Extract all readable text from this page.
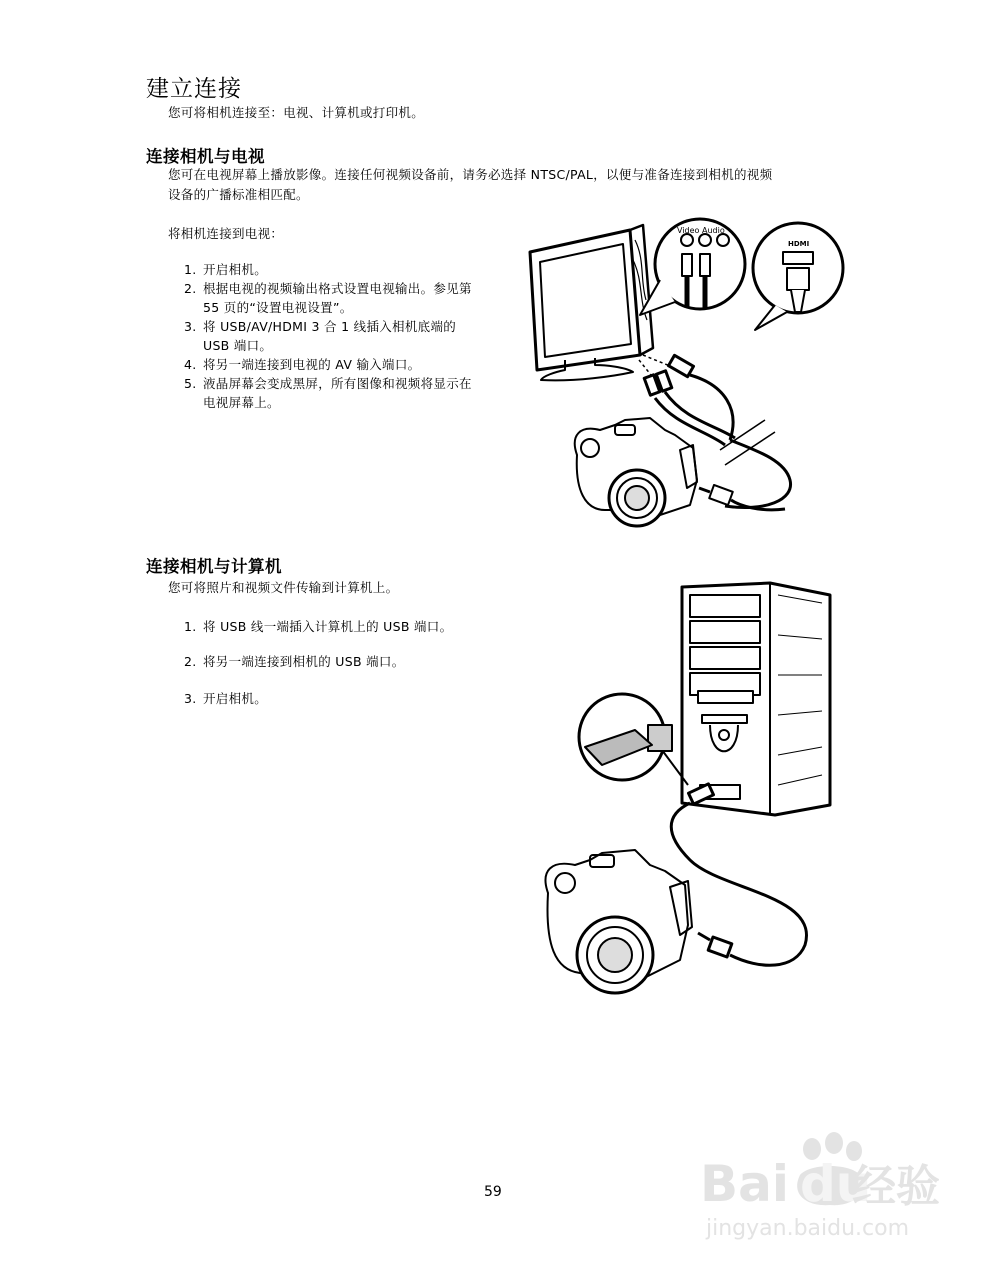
建立连接
您可将相机连接至：电视、计算机或打印机。
连接相机与电视
您可在电视屏幕上播放影像。连接任何视频设备前，请务必选择 NTSC/PAL，以便与准备连接到相机的视频
设备的广播标准相匹配。
将相机连接到电视：
1. 开启相机。
2. 根据电视的视频输出格式设置电视输出。参见第
55 页的“设置电视设置”。
3. 将 USB/AV/HDMI 3 合 1 线插入相机底端的
USB 端口。
4. 将另一端连接到电视的 AV 输入端口。
5. 液晶屏幕会变成黑屏，所有图像和视频将显示在
电视屏幕上。
连接相机与计算机
您可将照片和视频文件传输到计算机上。
1. 将 USB 线一端插入计算机上的 USB 端口。
2. 将另一端连接到相机的 USB 端口。
3. 开启相机。
59
Video Audio
HDMI
Bai du
经验
jingyan.baidu.com
